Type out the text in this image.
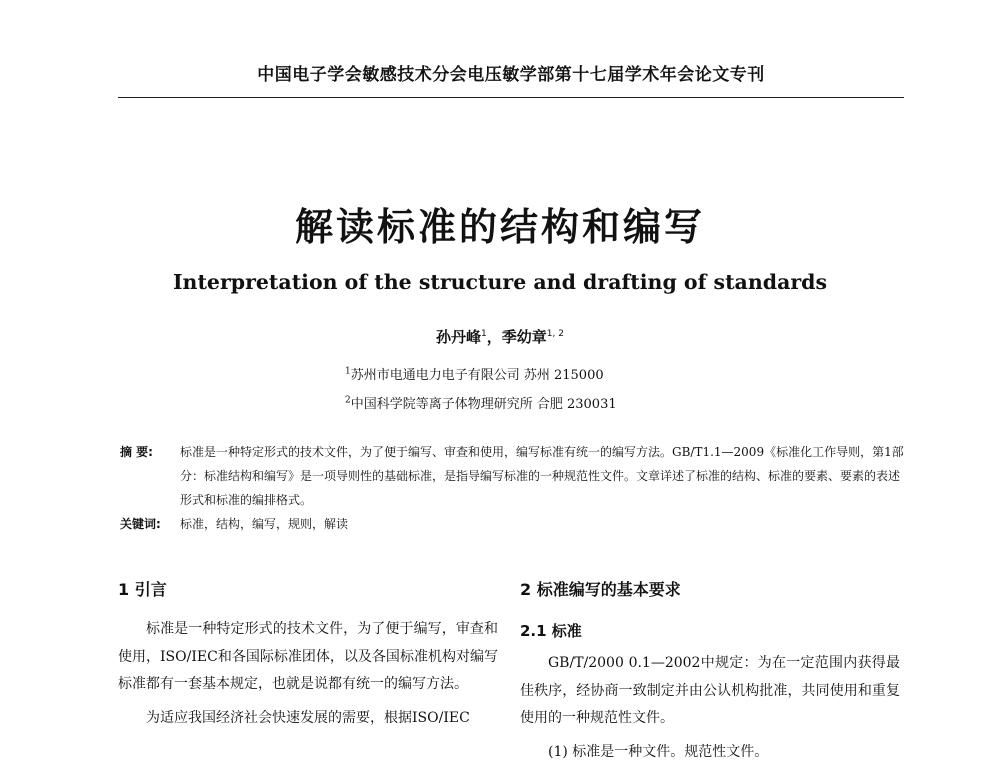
中国电子学会敏感技术分会电压敏学部第十七届学术年会论文专刊
解读标准的结构和编写
Interpretation of the structure and drafting of standards
孙丹峰$^1$，季幼章$^{1, 2}$
$^1$苏州市电通电力电子有限公司 苏州 215000
$^2$中国科学院等离子体物理研究所 合肥 230031
摘 要:	标准是一种特定形式的技术文件，为了便于编写、审查和使用，编写标准有统一的编写方法。GB/T1.1—2009《标准化工作导则，第1部分：标准结构和编写》是一项导则性的基础标准，是指导编写标准的一种规范性文件。文章详述了标准的结构、标准的要素、要素的表述形式和标准的编排格式。
关键词:	标准，结构，编写，规则，解读
1 引言

标准是一种特定形式的技术文件，为了便于编写，审查和使用，ISO/IEC和各国际标准团体，以及各国标准机构对编写标准都有一套基本规定，也就是说都有统一的编写方法。

为适应我国经济社会快速发展的需要，根据ISO/IEC

2 标准编写的基本要求
2.1 标准

GB/T/2000 0.1—2002中规定：为在一定范围内获得最佳秩序，经协商一致制定并由公认机构批准，共同使用和重复使用的一种规范性文件。

(1) 标准是一种文件。规范性文件。
